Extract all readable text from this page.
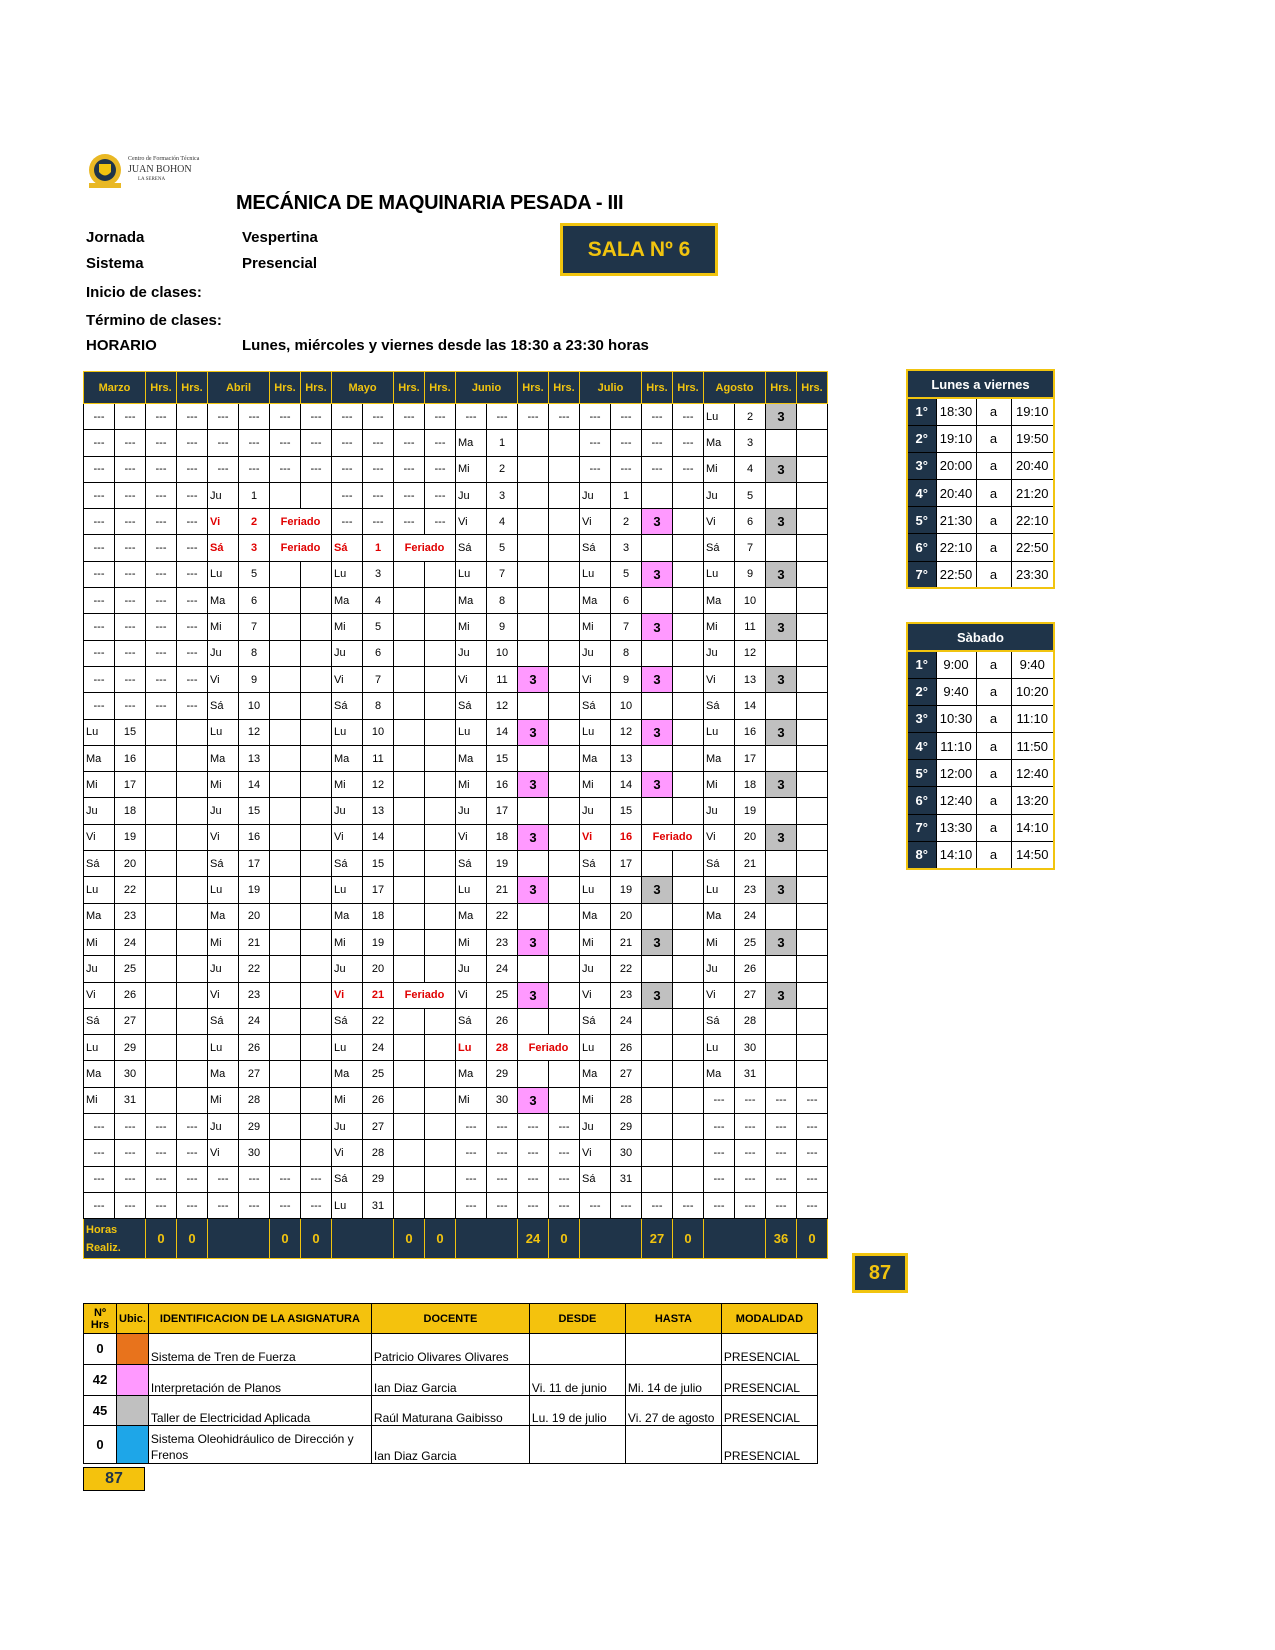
Centro de Formación Técnica
JUAN BOHON
LA SERENA
MECÁNICA DE MAQUINARIA PESADA - III
Jornada	Vespertina
Sistema	Presencial
Inicio de clases:
Término de clases:
HORARIO	Lunes, miércoles y viernes desde las 18:30 a 23:30 horas
SALA Nº 6
Marzo		Hrs.	Hrs.	Abril		Hrs.	Hrs.	Mayo		Hrs.	Hrs.	Junio		Hrs.	Hrs.	Julio		Hrs.	Hrs.	Agosto		Hrs.	Hrs.
---	---	---	---	---	---	---	---	---	---	---	---	---	---	---	---	---	---	---	---	Lu	2	3	
---	---	---	---	---	---	---	---	---	---	---	---	Ma	1			---	---	---	---	Ma	3		
---	---	---	---	---	---	---	---	---	---	---	---	Mi	2			---	---	---	---	Mi	4	3	
---	---	---	---	Ju	1			---	---	---	---	Ju	3			Ju	1			Ju	5		
---	---	---	---	Vi	2	Feriado		---	---	---	---	Vi	4			Vi	2	3		Vi	6	3	
---	---	---	---	Sá	3	Feriado		Sá	1	Feriado		Sá	5			Sá	3			Sá	7		
---	---	---	---	Lu	5			Lu	3			Lu	7			Lu	5	3		Lu	9	3	
---	---	---	---	Ma	6			Ma	4			Ma	8			Ma	6			Ma	10		
---	---	---	---	Mi	7			Mi	5			Mi	9			Mi	7	3		Mi	11	3	
---	---	---	---	Ju	8			Ju	6			Ju	10			Ju	8			Ju	12		
---	---	---	---	Vi	9			Vi	7			Vi	11	3		Vi	9	3		Vi	13	3	
---	---	---	---	Sá	10			Sá	8			Sá	12			Sá	10			Sá	14		
Lu	15			Lu	12			Lu	10			Lu	14	3		Lu	12	3		Lu	16	3	
Ma	16			Ma	13			Ma	11			Ma	15			Ma	13			Ma	17		
Mi	17			Mi	14			Mi	12			Mi	16	3		Mi	14	3		Mi	18	3	
Ju	18			Ju	15			Ju	13			Ju	17			Ju	15			Ju	19		
Vi	19			Vi	16			Vi	14			Vi	18	3		Vi	16	Feriado		Vi	20	3	
Sá	20			Sá	17			Sá	15			Sá	19			Sá	17			Sá	21		
Lu	22			Lu	19			Lu	17			Lu	21	3		Lu	19	3		Lu	23	3	
Ma	23			Ma	20			Ma	18			Ma	22			Ma	20			Ma	24		
Mi	24			Mi	21			Mi	19			Mi	23	3		Mi	21	3		Mi	25	3	
Ju	25			Ju	22			Ju	20			Ju	24			Ju	22			Ju	26		
Vi	26			Vi	23			Vi	21	Feriado		Vi	25	3		Vi	23	3		Vi	27	3	
Sá	27			Sá	24			Sá	22			Sá	26			Sá	24			Sá	28		
Lu	29			Lu	26			Lu	24			Lu	28	Feriado		Lu	26			Lu	30		
Ma	30			Ma	27			Ma	25			Ma	29			Ma	27			Ma	31		
Mi	31			Mi	28			Mi	26			Mi	30	3		Mi	28			---	---	---	---
---	---	---	---	Ju	29			Ju	27			---	---	---	---	Ju	29			---	---	---	---
---	---	---	---	Vi	30			Vi	28			---	---	---	---	Vi	30			---	---	---	---
---	---	---	---	---	---	---	---	Sá	29			---	---	---	---	Sá	31			---	---	---	---
---	---	---	---	---	---	---	---	Lu	31			---	---	---	---	---	---	---	---	---	---	---	---
Horas
Realiz.		0	0			0	0			0	0			24	0			27	0			36	0
87
Lunes a viernes			
1°	18:30	a	19:10
2°	19:10	a	19:50
3°	20:00	a	20:40
4°	20:40	a	21:20
5°	21:30	a	22:10
6°	22:10	a	22:50
7°	22:50	a	23:30
Sàbado			
1°	9:00	a	9:40
2°	9:40	a	10:20
3°	10:30	a	11:10
4°	11:10	a	11:50
5°	12:00	a	12:40
6°	12:40	a	13:20
7°	13:30	a	14:10
8°	14:10	a	14:50
Nº Hrs	Ubic.	IDENTIFICACION DE LA ASIGNATURA	DOCENTE	DESDE	HASTA	MODALIDAD
0		Sistema de Tren de Fuerza	Patricio Olivares Olivares			PRESENCIAL
42		Interpretación de Planos	Ian Diaz Garcia	Vi. 11 de junio	Mi. 14 de julio	PRESENCIAL
45		Taller de Electricidad Aplicada	Raúl Maturana Gaibisso	Lu. 19 de julio	Vi. 27 de agosto	PRESENCIAL
0		Sistema Oleohidráulico de Dirección y Frenos	Ian Diaz Garcia			PRESENCIAL
87
